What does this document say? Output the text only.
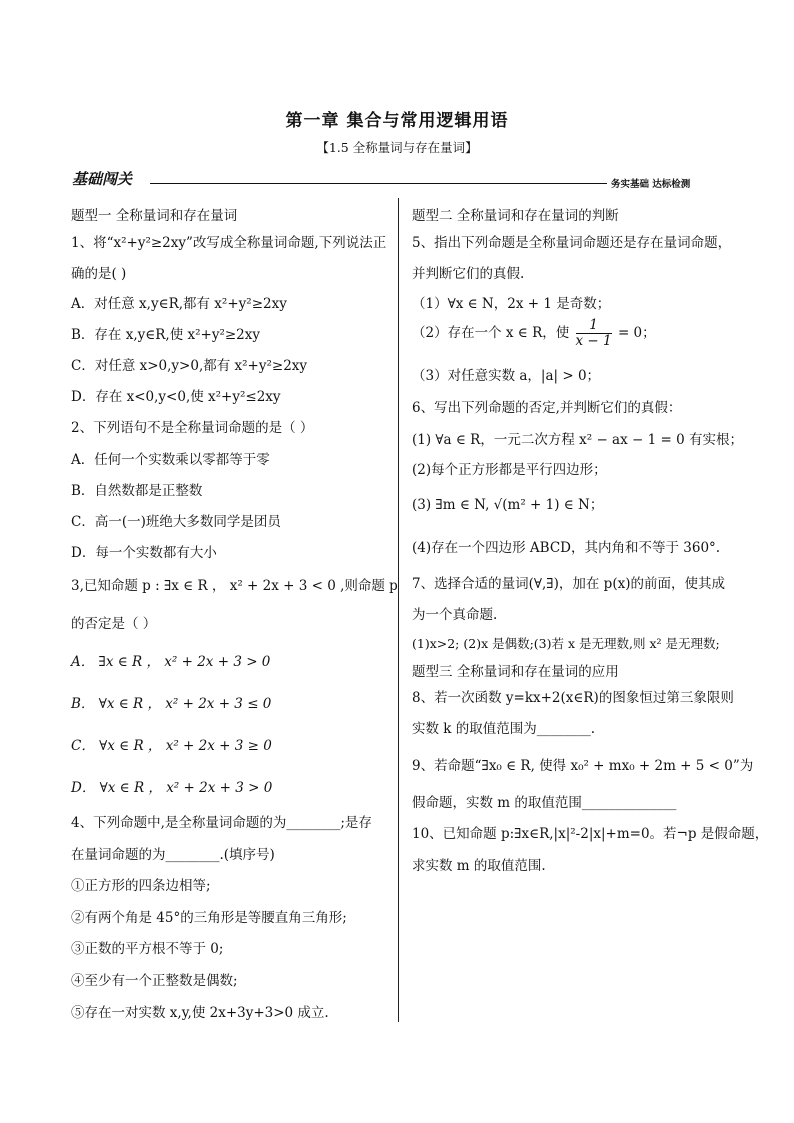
第一章 集合与常用逻辑用语
【1.5 全称量词与存在量词】
基础闯关	务实基础 达标检测
题型一 全称量词和存在量词
1、将“x²+y²≥2xy”改写成全称量词命题,下列说法正
确的是( )
A．对任意 x,y∈R,都有 x²+y²≥2xy
B．存在 x,y∈R,使 x²+y²≥2xy
C．对任意 x>0,y>0,都有 x²+y²≥2xy
D．存在 x<0,y<0,使 x²+y²≤2xy
2、下列语句不是全称量词命题的是（ ）
A．任何一个实数乘以零都等于零
B．自然数都是正整数
C．高一(一)班绝大多数同学是团员
D．每一个实数都有大小
3,已知命题 p : ∃x ∈ R ， x² + 2x + 3 < 0 ,则命题 p
的否定是（ ）
A． ∃x ∈ R ， x² + 2x + 3 > 0
B． ∀x ∈ R ， x² + 2x + 3 ≤ 0
C． ∀x ∈ R ， x² + 2x + 3 ≥ 0
D． ∀x ∈ R ， x² + 2x + 3 > 0
4、下列命题中,是全称量词命题的为________;是存
在量词命题的为________.(填序号)
①正方形的四条边相等;
②有两个角是 45°的三角形是等腰直角三角形;
③正数的平方根不等于 0;
④至少有一个正整数是偶数;
⑤存在一对实数 x,y,使 2x+3y+3>0 成立.
题型二 全称量词和存在量词的判断
5、指出下列命题是全称量词命题还是存在量词命题，
并判断它们的真假.
（1）∀x ∈ N，2x + 1 是奇数；
（2）存在一个 x ∈ R，使 $\frac{1}{x - 1} = 0$；
（3）对任意实数 a，|a| > 0；
6、写出下列命题的否定,并判断它们的真假：
(1) ∀a ∈ R，一元二次方程 x² − ax − 1 = 0 有实根；
(2)每个正方形都是平行四边形；
(3) ∃m ∈ N, √(m² + 1) ∈ N；
(4)存在一个四边形 ABCD，其内角和不等于 360°.
7、选择合适的量词(∀,∃)，加在 p(x)的前面，使其成
为一个真命题.
(1)x>2; (2)x 是偶数;(3)若 x 是无理数,则 x² 是无理数;
题型三 全称量词和存在量词的应用
8、若一次函数 y=kx+2(x∈R)的图象恒过第三象限则
实数 k 的取值范围为________.
9、若命题“∃x₀ ∈ R, 使得 x₀² + mx₀ + 2m + 5 < 0”为
假命题，实数 m 的取值范围______________
10、已知命题 p:∃x∈R,|x|²-2|x|+m=0。若¬p 是假命题，
求实数 m 的取值范围.
